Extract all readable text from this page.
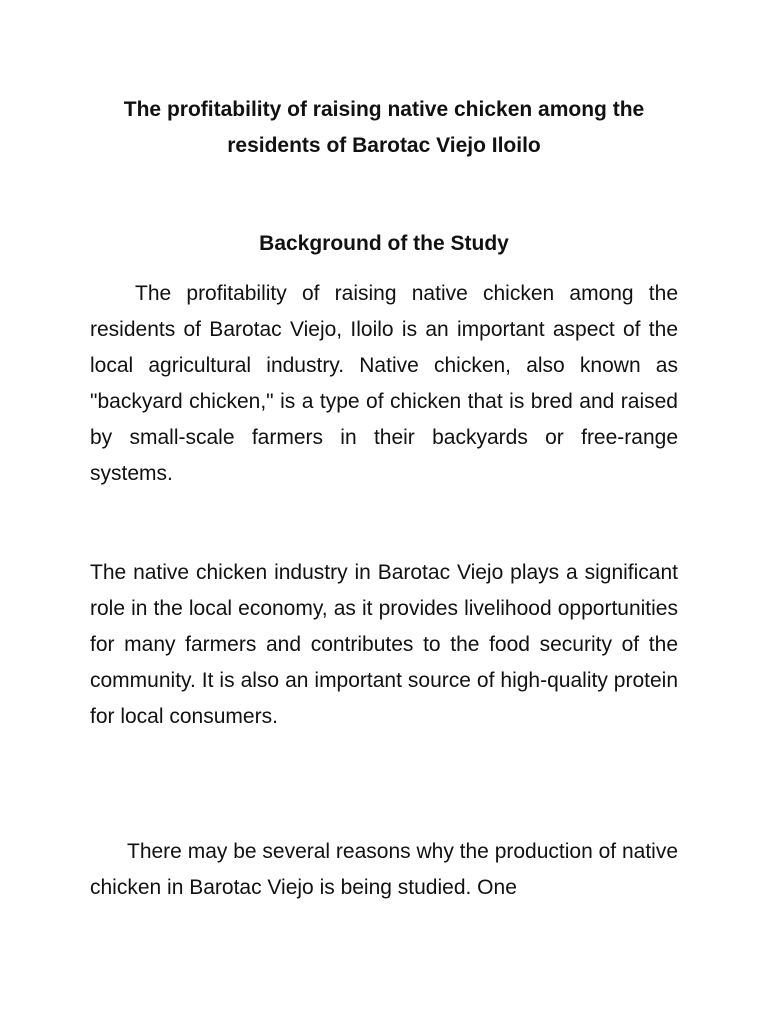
The profitability of raising native chicken among the residents of Barotac Viejo Iloilo
Background of the Study

The profitability of raising native chicken among the residents of Barotac Viejo, Iloilo is an important aspect of the local agricultural industry. Native chicken, also known as "backyard chicken," is a type of chicken that is bred and raised by small-scale farmers in their backyards or free-range systems.

The native chicken industry in Barotac Viejo plays a significant role in the local economy, as it provides livelihood opportunities for many farmers and contributes to the food security of the community. It is also an important source of high-quality protein for local consumers.

There may be several reasons why the production of native chicken in Barotac Viejo is being studied. One
